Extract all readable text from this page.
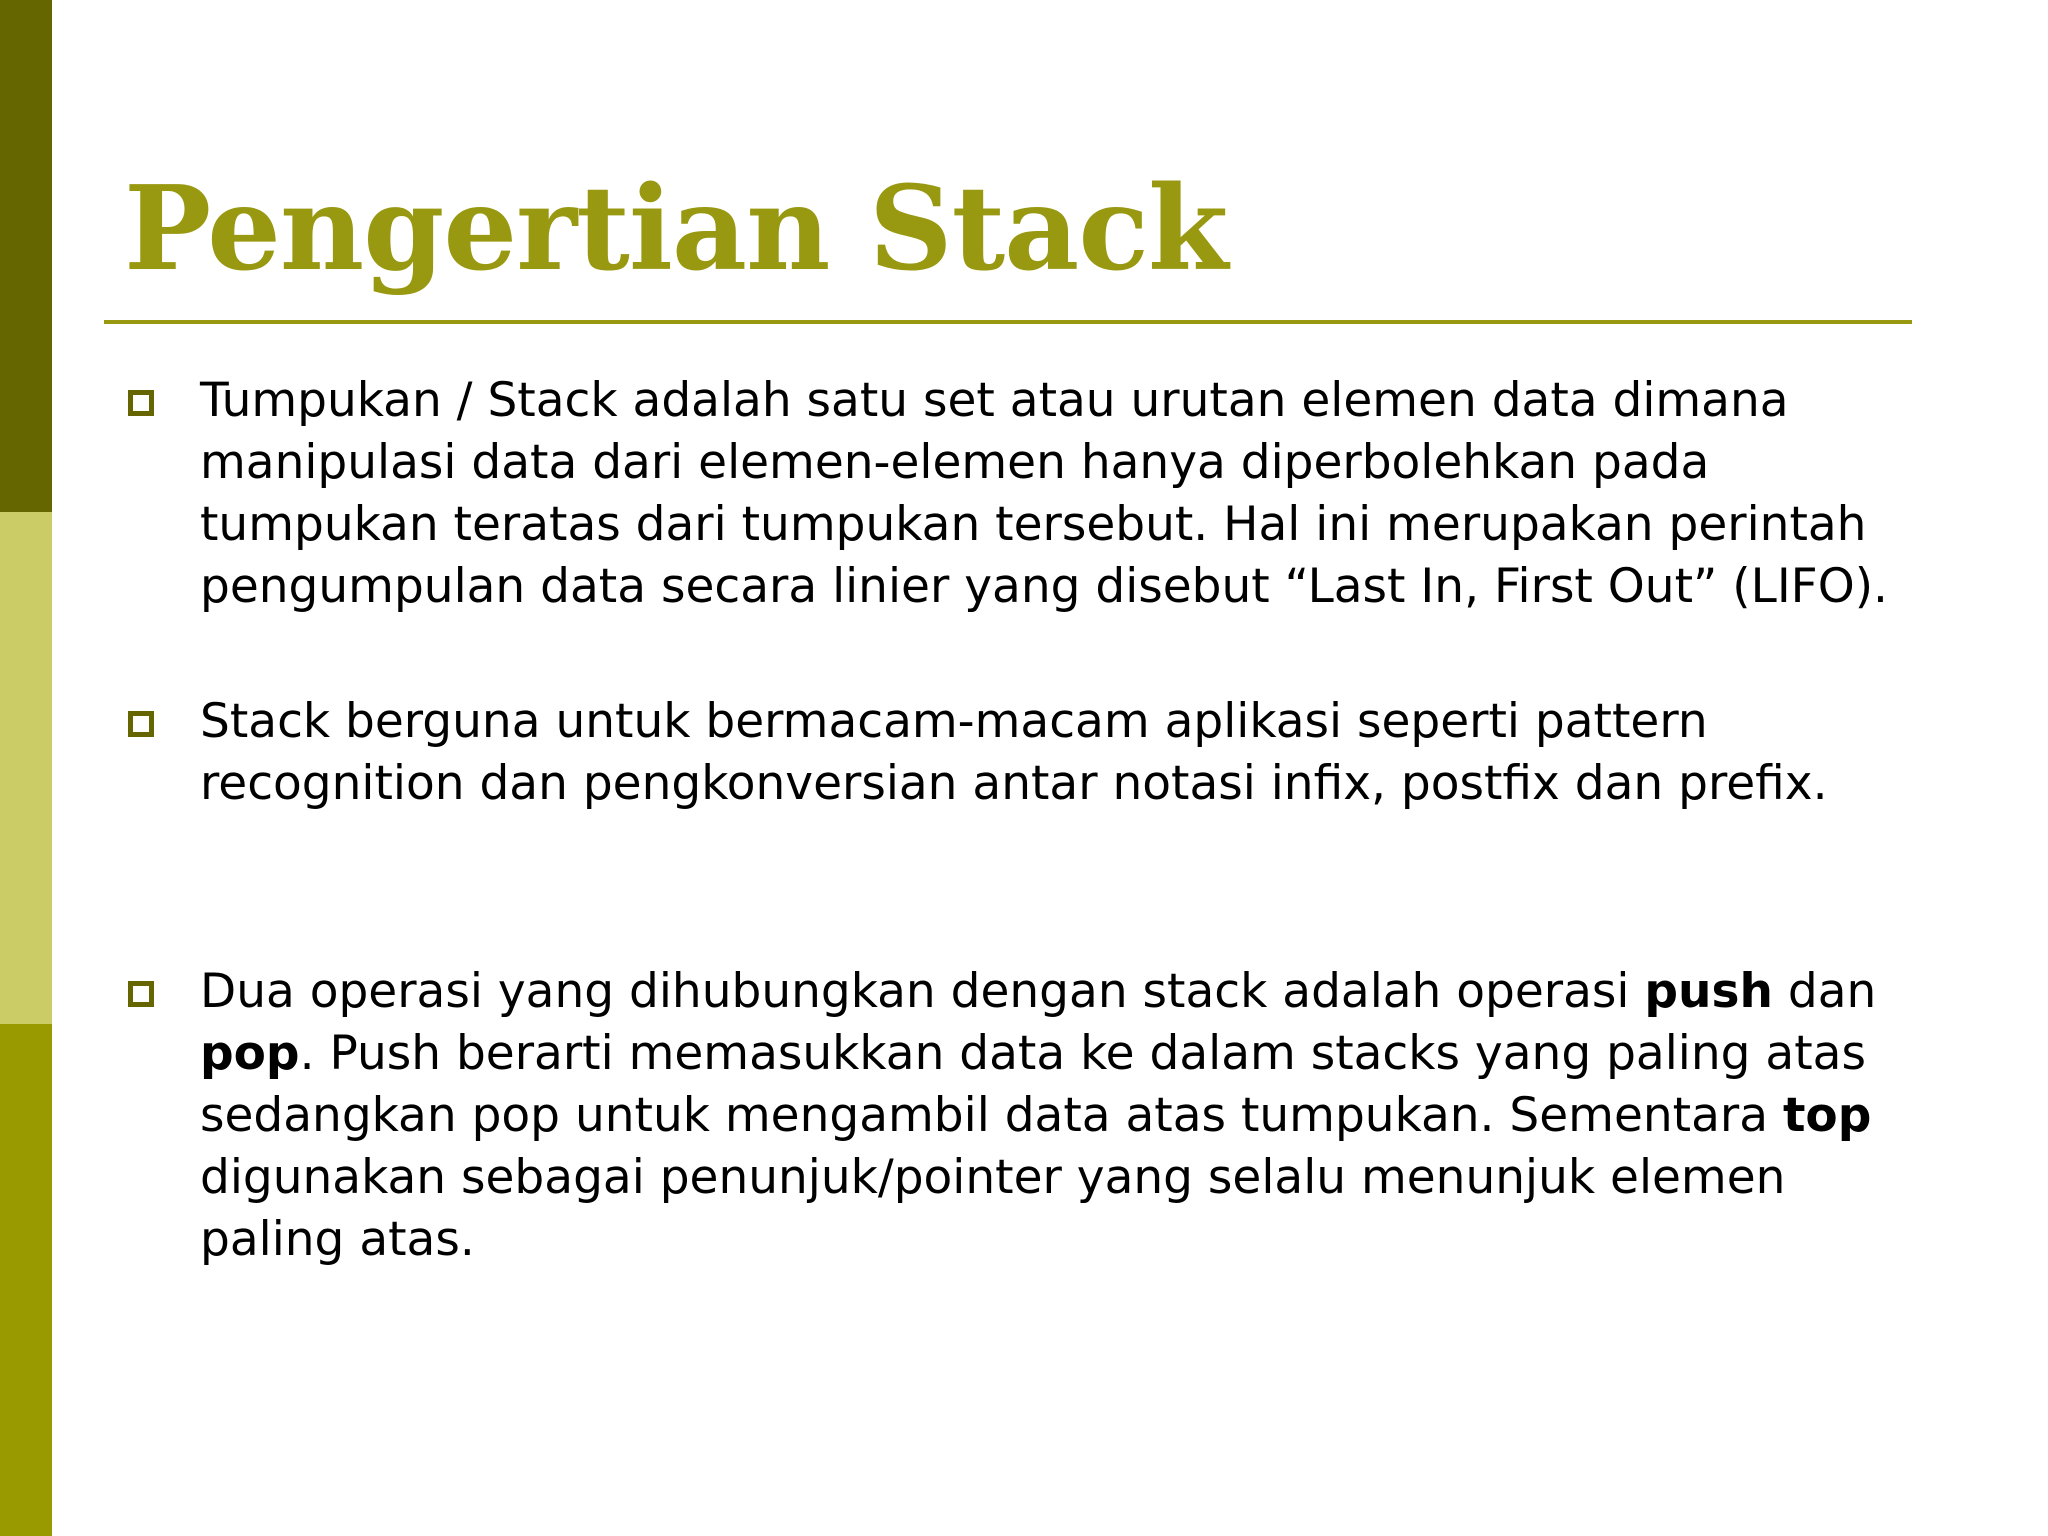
Pengertian Stack
Tumpukan / Stack adalah satu set atau urutan elemen data dimana manipulasi data dari elemen-elemen hanya diperbolehkan pada tumpukan teratas dari tumpukan tersebut. Hal ini merupakan perintah pengumpulan data secara linier yang disebut “Last In, First Out” (LIFO).
Stack berguna untuk bermacam-macam aplikasi seperti pattern recognition dan pengkonversian antar notasi infix, postfix dan prefix.
Dua operasi yang dihubungkan dengan stack adalah operasi push dan pop. Push berarti memasukkan data ke dalam stacks yang paling atas sedangkan pop untuk mengambil data atas tumpukan. Sementara top digunakan sebagai penunjuk/pointer yang selalu menunjuk elemen paling atas.
